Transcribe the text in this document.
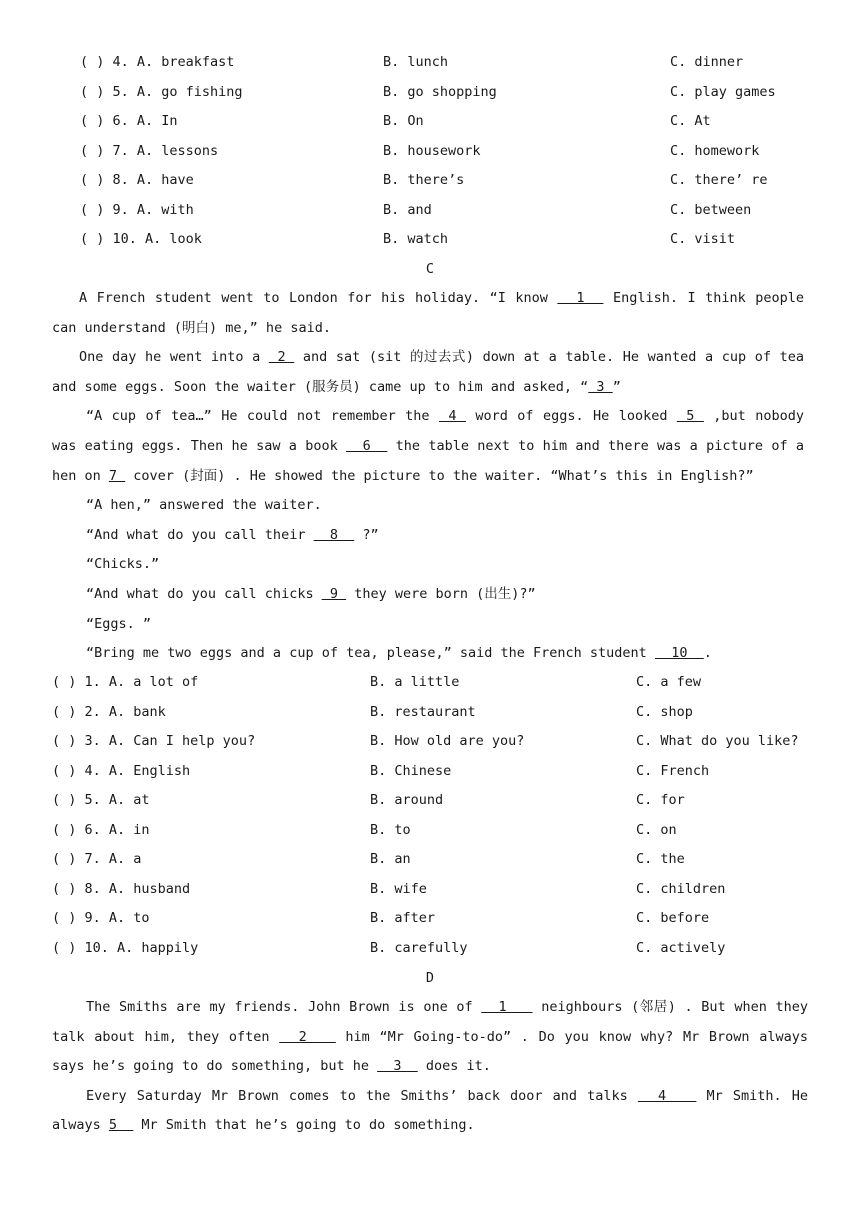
( ) 4. A. breakfast	B. lunch	C. dinner
( ) 5. A. go fishing	B. go shopping	C. play games
( ) 6. A. In	B. On	C. At
( ) 7. A. lessons	B. housework	C. homework
( ) 8. A. have	B. there’s	C. there’ re
( ) 9. A. with	B. and	C. between
( ) 10. A. look	B. watch	C. visit
C

A French student went to London for his holiday. “I know   1   English. I think people can understand (明白) me,” he said.

One day he went into a  2  and sat (sit 的过去式) down at a table. He wanted a cup of tea and some eggs. Soon the waiter (服务员) came up to him and asked, “ 3 ”

“A cup of tea…” He could not remember the  4  word of eggs. He looked  5  ,but nobody was eating eggs. Then he saw a book   6   the table next to him and there was a picture of a hen on 7  cover (封面) . He showed the picture to the waiter. “What’s this in English?”

“A hen,” answered the waiter.

“And what do you call their   8   ?”

“Chicks.”

“And what do you call chicks  9  they were born (出生)?”

“Eggs. ”

“Bring me two eggs and a cup of tea, please,” said the French student   10  .

( ) 1. A. a lot of	B. a little	C. a few
( ) 2. A. bank	B. restaurant	C. shop
( ) 3. A. Can I help you?	B. How old are you?	C. What do you like?
( ) 4. A. English	B. Chinese	C. French
( ) 5. A. at	B. around	C. for
( ) 6. A. in	B. to	C. on
( ) 7. A. a	B. an	C. the
( ) 8. A. husband	B. wife	C. children
( ) 9. A. to	B. after	C. before
( ) 10. A. happily	B. carefully	C. actively
D

The Smiths are my friends. John Brown is one of   1    neighbours (邻居) . But when they talk about him, they often   2    him “Mr Going-to-do” . Do you know why? Mr Brown always says he’s going to do something, but he   3   does it.

Every Saturday Mr Brown comes to the Smiths’ back door and talks   4    Mr Smith. He always 5   Mr Smith that he’s going to do something.
